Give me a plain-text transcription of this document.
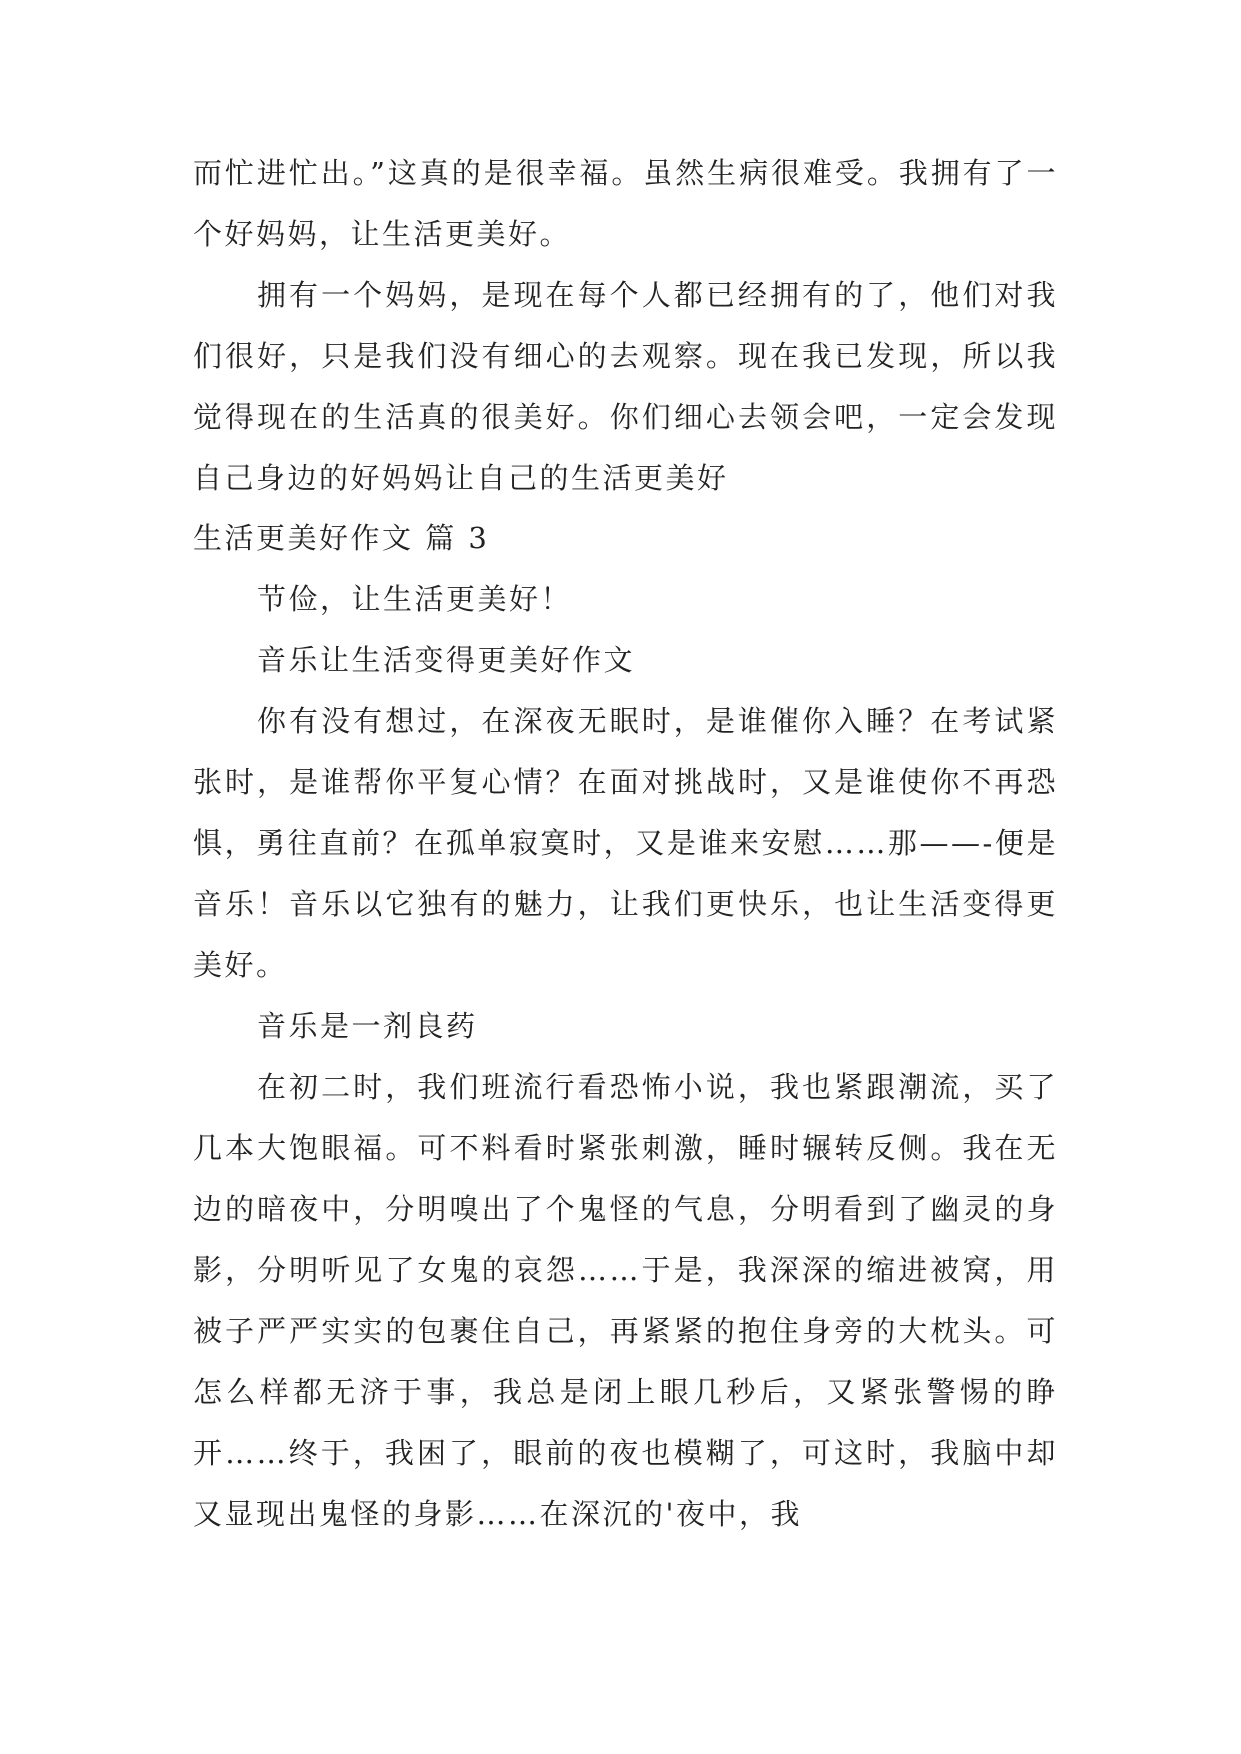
而忙进忙出。”这真的是很幸福。虽然生病很难受。我拥有了一个好妈妈，让生活更美好。

拥有一个妈妈，是现在每个人都已经拥有的了，他们对我们很好，只是我们没有细心的去观察。现在我已发现，所以我觉得现在的生活真的很美好。你们细心去领会吧，一定会发现自己身边的好妈妈让自己的生活更美好

生活更美好作文 篇 3

节俭，让生活更美好！

音乐让生活变得更美好作文

你有没有想过，在深夜无眠时，是谁催你入睡？在考试紧张时，是谁帮你平复心情？在面对挑战时，又是谁使你不再恐惧，勇往直前？在孤单寂寞时，又是谁来安慰……那——-便是音乐！音乐以它独有的魅力，让我们更快乐，也让生活变得更美好。

音乐是一剂良药

在初二时，我们班流行看恐怖小说，我也紧跟潮流，买了几本大饱眼福。可不料看时紧张刺激，睡时辗转反侧。我在无边的暗夜中，分明嗅出了个鬼怪的气息，分明看到了幽灵的身影，分明听见了女鬼的哀怨……于是，我深深的缩进被窝，用被子严严实实的包裹住自己，再紧紧的抱住身旁的大枕头。可怎么样都无济于事，我总是闭上眼几秒后，又紧张警惕的睁开……终于，我困了，眼前的夜也模糊了，可这时，我脑中却又显现出鬼怪的身影……在深沉的'夜中，我
